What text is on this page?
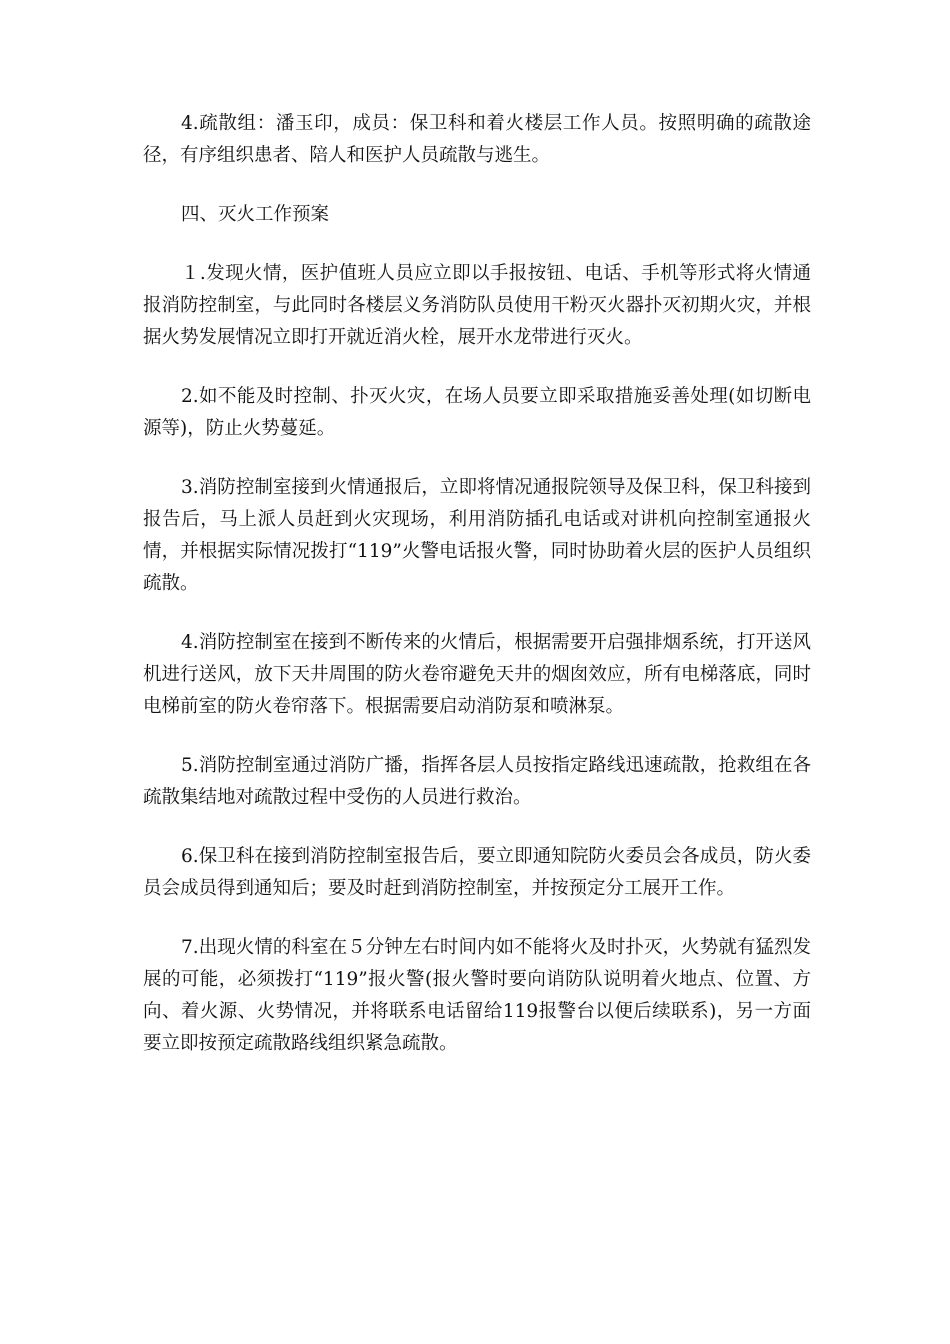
4.疏散组：潘玉印，成员：保卫科和着火楼层工作人员。按照明确的疏散途径，有序组织患者、陪人和医护人员疏散与逃生。

四、灭火工作预案

１.发现火情，医护值班人员应立即以手报按钮、电话、手机等形式将火情通报消防控制室，与此同时各楼层义务消防队员使用干粉灭火器扑灭初期火灾，并根据火势发展情况立即打开就近消火栓，展开水龙带进行灭火。

2.如不能及时控制、扑灭火灾，在场人员要立即采取措施妥善处理(如切断电源等)，防止火势蔓延。

3.消防控制室接到火情通报后，立即将情况通报院领导及保卫科，保卫科接到报告后，马上派人员赶到火灾现场，利用消防插孔电话或对讲机向控制室通报火情，并根据实际情况拨打“119”火警电话报火警，同时协助着火层的医护人员组织疏散。

4.消防控制室在接到不断传来的火情后，根据需要开启强排烟系统，打开送风机进行送风，放下天井周围的防火卷帘避免天井的烟囱效应，所有电梯落底，同时电梯前室的防火卷帘落下。根据需要启动消防泵和喷淋泵。

5.消防控制室通过消防广播，指挥各层人员按指定路线迅速疏散，抢救组在各疏散集结地对疏散过程中受伤的人员进行救治。

6.保卫科在接到消防控制室报告后，要立即通知院防火委员会各成员，防火委员会成员得到通知后；要及时赶到消防控制室，并按预定分工展开工作。

7.出现火情的科室在５分钟左右时间内如不能将火及时扑灭，火势就有猛烈发展的可能，必须拨打“119”报火警(报火警时要向诮防队说明着火地点、位置、方向、着火源、火势情况，并将联系电话留给119报警台以便后续联系)，另一方面要立即按预定疏散路线组织紧急疏散。
